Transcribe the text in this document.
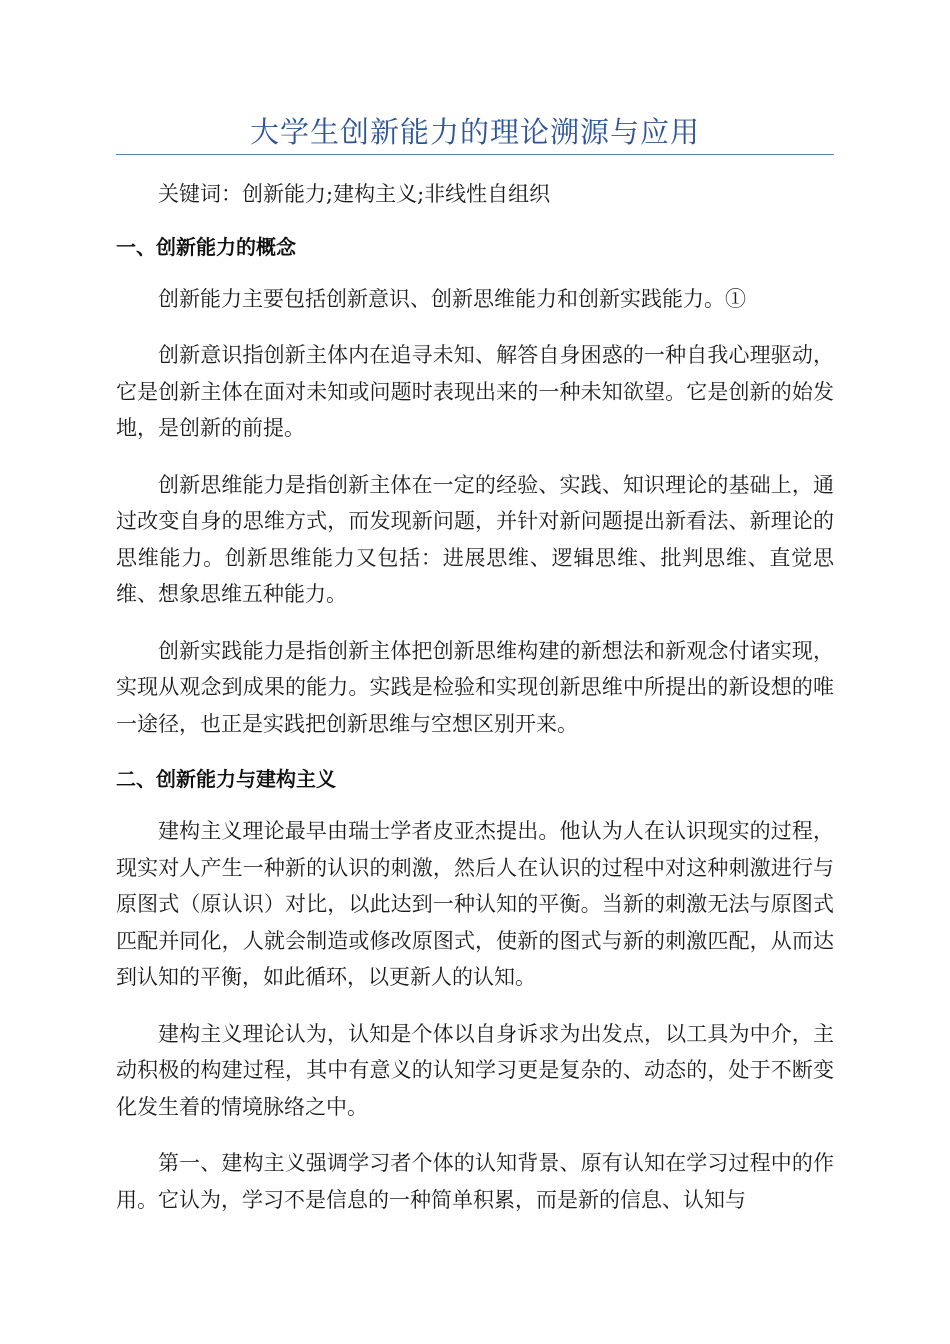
大学生创新能力的理论溯源与应用

关键词：创新能力;建构主义;非线性自组织

一、创新能力的概念

创新能力主要包括创新意识、创新思维能力和创新实践能力。①

创新意识指创新主体内在追寻未知、解答自身困惑的一种自我心理驱动，它是创新主体在面对未知或问题时表现出来的一种未知欲望。它是创新的始发地，是创新的前提。

创新思维能力是指创新主体在一定的经验、实践、知识理论的基础上，通过改变自身的思维方式，而发现新问题，并针对新问题提出新看法、新理论的思维能力。创新思维能力又包括：进展思维、逻辑思维、批判思维、直觉思维、想象思维五种能力。

创新实践能力是指创新主体把创新思维构建的新想法和新观念付诸实现，实现从观念到成果的能力。实践是检验和实现创新思维中所提出的新设想的唯一途径，也正是实践把创新思维与空想区别开来。

二、创新能力与建构主义

建构主义理论最早由瑞士学者皮亚杰提出。他认为人在认识现实的过程，现实对人产生一种新的认识的刺激，然后人在认识的过程中对这种刺激进行与原图式（原认识）对比，以此达到一种认知的平衡。当新的刺激无法与原图式匹配并同化，人就会制造或修改原图式，使新的图式与新的刺激匹配，从而达到认知的平衡，如此循环，以更新人的认知。

建构主义理论认为，认知是个体以自身诉求为出发点，以工具为中介，主动积极的构建过程，其中有意义的认知学习更是复杂的、动态的，处于不断变化发生着的情境脉络之中。

第一、建构主义强调学习者个体的认知背景、原有认知在学习过程中的作用。它认为，学习不是信息的一种简单积累，而是新的信息、认知与
